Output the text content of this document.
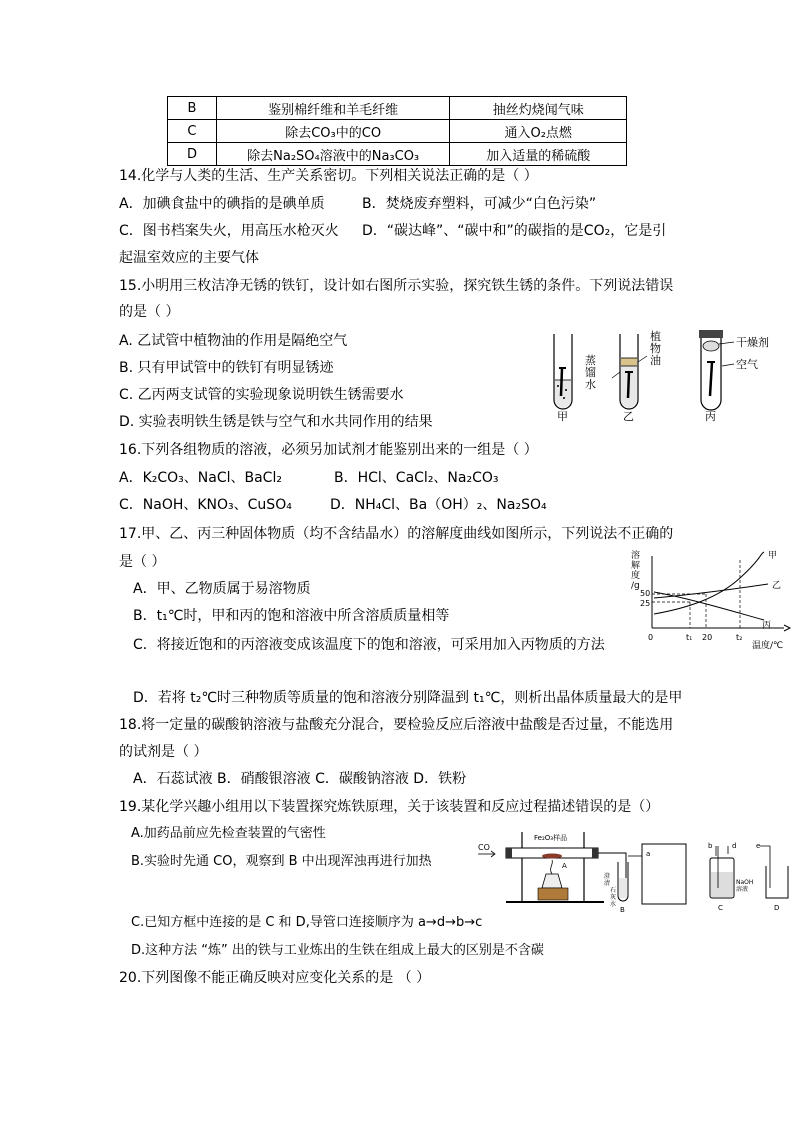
B	鉴别棉纤维和羊毛纤维	抽丝灼烧闻气味
C	除去CO₃中的CO	通入O₂点燃
D	除去Na₂SO₄溶液中的Na₃CO₃	加入适量的稀硫酸
14.化学与人类的生活、生产关系密切。下列相关说法正确的是（ ）
A．加碘食盐中的碘指的是碘单质	B．焚烧废弃塑料，可减少“白色污染”
C．图书档案失火，用高压水枪灭火 D．“碳达峰”、“碳中和”的碳指的是CO₂，它是引
起温室效应的主要气体
15.小明用三枚洁净无锈的铁钉，设计如右图所示实验，探究铁生锈的条件。下列说法错误
的是（ ）
A. 乙试管中植物油的作用是隔绝空气
B. 只有甲试管中的铁钉有明显锈迹
C. 乙丙两支试管的实验现象说明铁生锈需要水
D. 实验表明铁生锈是铁与空气和水共同作用的结果
蒸
馏
水
植
物
油
干燥剂
空气
甲	乙	丙
16.下列各组物质的溶液，必须另加试剂才能鉴别出来的一组是（ ）
A．K₂CO₃、NaCl、BaCl₂	B．HCl、CaCl₂、Na₂CO₃
C．NaOH、KNO₃、CuSO₄	D．NH₄Cl、Ba（OH）₂、Na₂SO₄
17.甲、乙、丙三种固体物质（均不含结晶水）的溶解度曲线如图所示，下列说法不正确的
是（ ）
A．甲、乙物质属于易溶物质
B．t₁℃时，甲和丙的饱和溶液中所含溶质质量相等
C．将接近饱和的丙溶液变成该温度下的饱和溶液，可采用加入丙物质的方法
D．若将 t₂℃时三种物质等质量的饱和溶液分别降温到 t₁℃，则析出晶体质量最大的是甲
溶
解
度
/g
50
25
0	t₁ 20	t₂
温度/℃
甲
乙
丙
18.将一定量的碳酸钠溶液与盐酸充分混合，要检验反应后溶液中盐酸是否过量，不能选用
的试剂是（ ）
A．石蕊试液 B．硝酸银溶液 C．碳酸钠溶液 D．铁粉
19.某化学兴趣小组用以下装置探究炼铁原理，关于该装置和反应过程描述错误的是（）
A.加药品前应先检查装置的气密性
B.实验时先通 CO，观察到 B 中出现浑浊再进行加热
C.已知方框中连接的是 C 和 D,导管口连接顺序为 a→d→b→c
D.这种方法 “炼” 出的铁与工业炼出的生铁在组成上最大的区别是不含碳
CO
Fe₂O₃样品
A
澄
清
石
灰
水
B
a
b	d
NaOH
溶液
C
e
D
20.下列图像不能正确反映对应变化关系的是 （ ）
